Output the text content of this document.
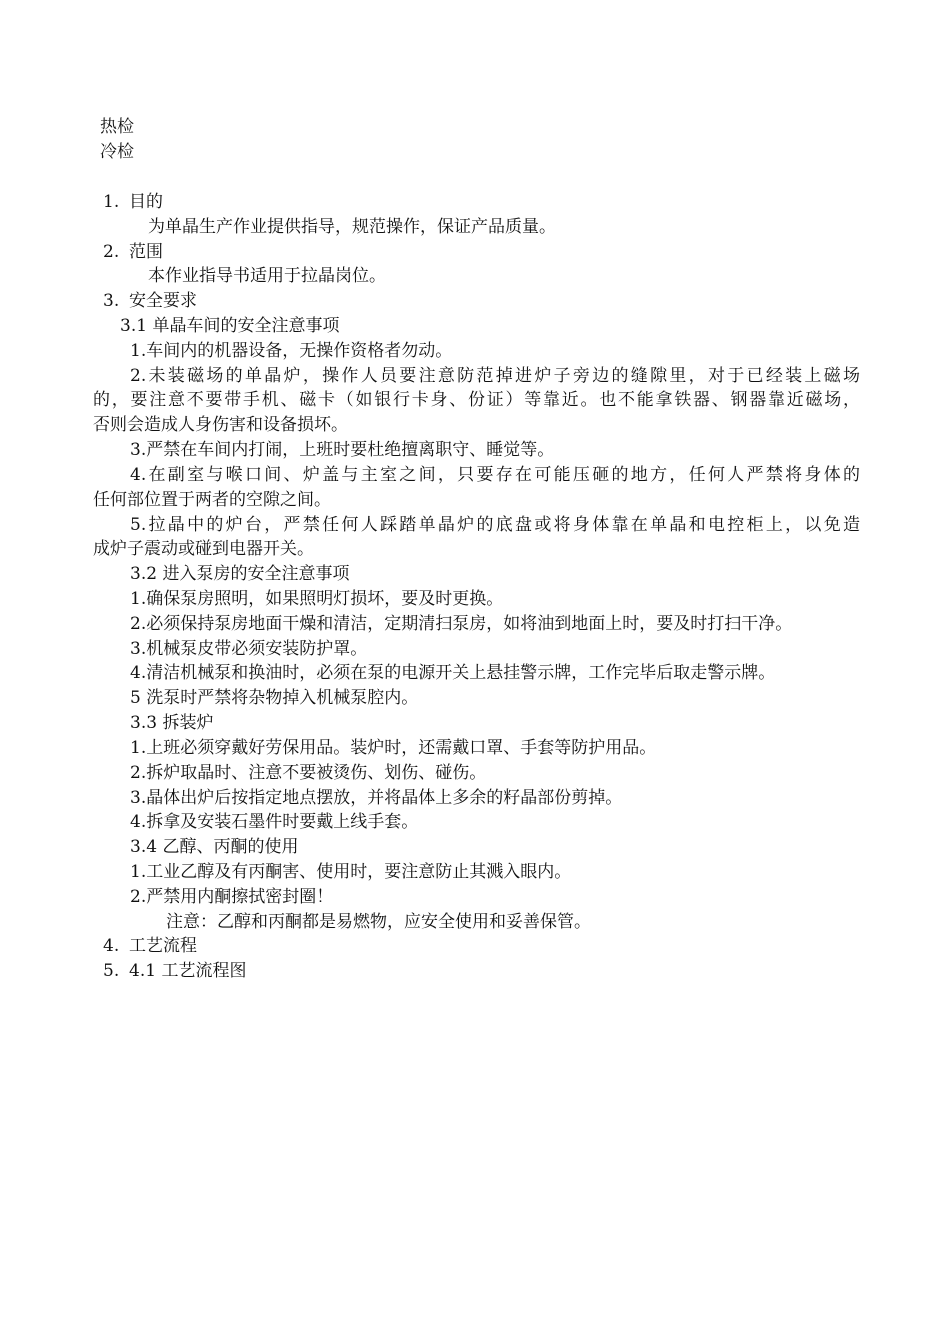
热检
冷检
1. 目的
为单晶生产作业提供指导，规范操作，保证产品质量。
2. 范围
本作业指导书适用于拉晶岗位。
3. 安全要求
3.1 单晶车间的安全注意事项
1.车间内的机器设备，无操作资格者勿动。
2.未装磁场的单晶炉，操作人员要注意防范掉进炉子旁边的缝隙里，对于已经装上磁场
的，要注意不要带手机、磁卡（如银行卡身、份证）等靠近。也不能拿铁器、钢器靠近磁场，
否则会造成人身伤害和设备损坏。
3.严禁在车间内打闹，上班时要杜绝擅离职守、睡觉等。
4.在副室与喉口间、炉盖与主室之间，只要存在可能压砸的地方，任何人严禁将身体的
任何部位置于两者的空隙之间。
5.拉晶中的炉台，严禁任何人踩踏单晶炉的底盘或将身体靠在单晶和电控柜上，以免造
成炉子震动或碰到电器开关。
3.2 进入泵房的安全注意事项
1.确保泵房照明，如果照明灯损坏，要及时更换。
2.必须保持泵房地面干燥和清洁，定期清扫泵房，如将油到地面上时，要及时打扫干净。
3.机械泵皮带必须安装防护罩。
4.清洁机械泵和换油时，必须在泵的电源开关上悬挂警示牌，工作完毕后取走警示牌。
5 洗泵时严禁将杂物掉入机械泵腔内。
3.3 拆装炉
1.上班必须穿戴好劳保用品。装炉时，还需戴口罩、手套等防护用品。
2.拆炉取晶时、注意不要被烫伤、划伤、碰伤。
3.晶体出炉后按指定地点摆放，并将晶体上多余的籽晶部份剪掉。
4.拆拿及安装石墨件时要戴上线手套。
3.4 乙醇、丙酮的使用
1.工业乙醇及有丙酮害、使用时，要注意防止其溅入眼内。
2.严禁用内酮擦拭密封圈！
注意：乙醇和丙酮都是易燃物，应安全使用和妥善保管。
4. 工艺流程
5. 4.1 工艺流程图
